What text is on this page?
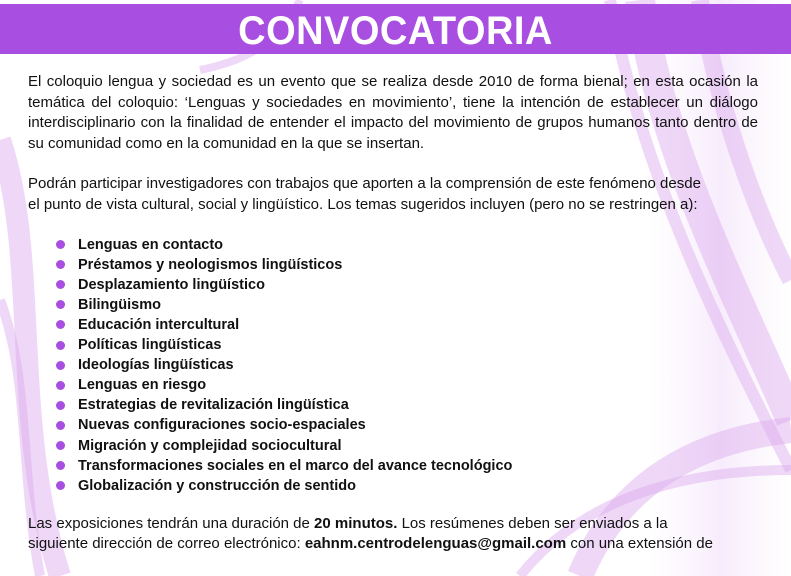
CONVOCATORIA

El coloquio lengua y sociedad es un evento que se realiza desde 2010 de forma bienal; en esta ocasión la temática del coloquio: ‘Lenguas y sociedades en movimiento’, tiene la intención de establecer un diálogo interdisciplinario con la finalidad de entender el impacto del movimiento de grupos humanos tanto dentro de su comunidad como en la comunidad en la que se insertan.

Podrán participar investigadores con trabajos que aporten a la comprensión de este fenómeno desde
el punto de vista cultural, social y lingüístico. Los temas sugeridos incluyen (pero no se restringen a):

Lenguas en contacto
Préstamos y neologismos lingüísticos
Desplazamiento lingüístico
Bilingüismo
Educación intercultural
Políticas lingüísticas
Ideologías lingüísticas
Lenguas en riesgo
Estrategias de revitalización lingüística
Nuevas configuraciones socio-espaciales
Migración y complejidad sociocultural
Transformaciones sociales en el marco del avance tecnológico
Globalización y construcción de sentido

Las exposiciones tendrán una duración de 20 minutos. Los resúmenes deben ser enviados a la
siguiente dirección de correo electrónico: eahnm.centrodelenguas@gmail.com con una extensión de
